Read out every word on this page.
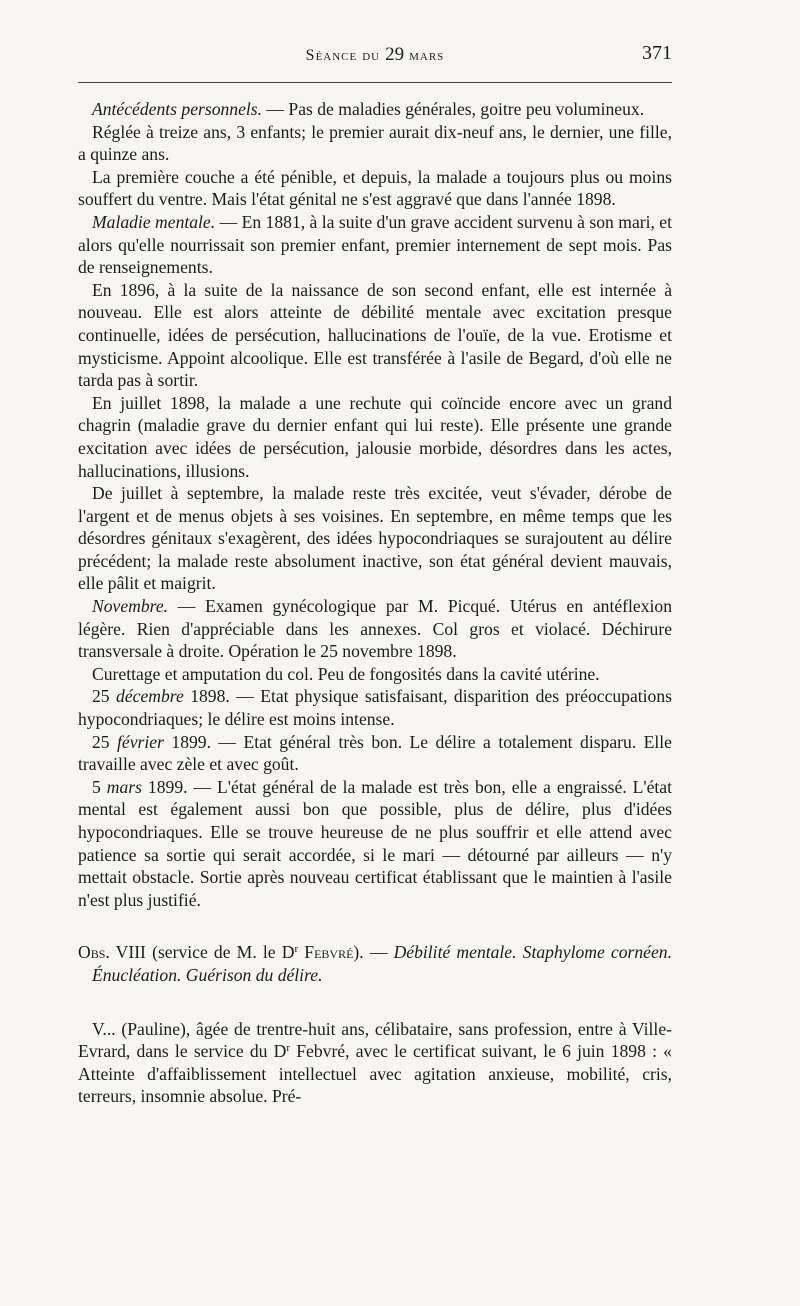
Séance du 29 mars	371

Antécédents personnels. — Pas de maladies générales, goitre peu volumineux.

Réglée à treize ans, 3 enfants; le premier aurait dix-neuf ans, le dernier, une fille, a quinze ans.

La première couche a été pénible, et depuis, la malade a toujours plus ou moins souffert du ventre. Mais l'état génital ne s'est aggravé que dans l'année 1898.

Maladie mentale. — En 1881, à la suite d'un grave accident survenu à son mari, et alors qu'elle nourrissait son premier enfant, premier internement de sept mois. Pas de renseignements.

En 1896, à la suite de la naissance de son second enfant, elle est internée à nouveau. Elle est alors atteinte de débilité mentale avec excitation presque continuelle, idées de persécution, hallucinations de l'ouïe, de la vue. Erotisme et mysticisme. Appoint alcoolique. Elle est transférée à l'asile de Begard, d'où elle ne tarda pas à sortir.

En juillet 1898, la malade a une rechute qui coïncide encore avec un grand chagrin (maladie grave du dernier enfant qui lui reste). Elle présente une grande excitation avec idées de persécution, jalousie morbide, désordres dans les actes, hallucinations, illusions.

De juillet à septembre, la malade reste très excitée, veut s'évader, dérobe de l'argent et de menus objets à ses voisines. En septembre, en même temps que les désordres génitaux s'exagèrent, des idées hypocondriaques se surajoutent au délire précédent; la malade reste absolument inactive, son état général devient mauvais, elle pâlit et maigrit.

Novembre. — Examen gynécologique par M. Picqué. Utérus en antéflexion légère. Rien d'appréciable dans les annexes. Col gros et violacé. Déchirure transversale à droite. Opération le 25 novembre 1898.

Curettage et amputation du col. Peu de fongosités dans la cavité utérine.

25 décembre 1898. — Etat physique satisfaisant, disparition des préoccupations hypocondriaques; le délire est moins intense.

25 février 1899. — Etat général très bon. Le délire a totalement disparu. Elle travaille avec zèle et avec goût.

5 mars 1899. — L'état général de la malade est très bon, elle a engraissé. L'état mental est également aussi bon que possible, plus de délire, plus d'idées hypocondriaques. Elle se trouve heureuse de ne plus souffrir et elle attend avec patience sa sortie qui serait accordée, si le mari — détourné par ailleurs — n'y mettait obstacle. Sortie après nouveau certificat établissant que le maintien à l'asile n'est plus justifié.

Obs. VIII (service de M. le $D^r$ Febvré). — Débilité mentale. Staphylome cornéen. Énucléation. Guérison du délire.

V... (Pauline), âgée de trentre-huit ans, célibataire, sans profession, entre à Ville-Evrard, dans le service du $D^r$ Febvré, avec le certificat suivant, le 6 juin 1898 : « Atteinte d'affaiblissement intellectuel avec agitation anxieuse, mobilité, cris, terreurs, insomnie absolue. Pré-
